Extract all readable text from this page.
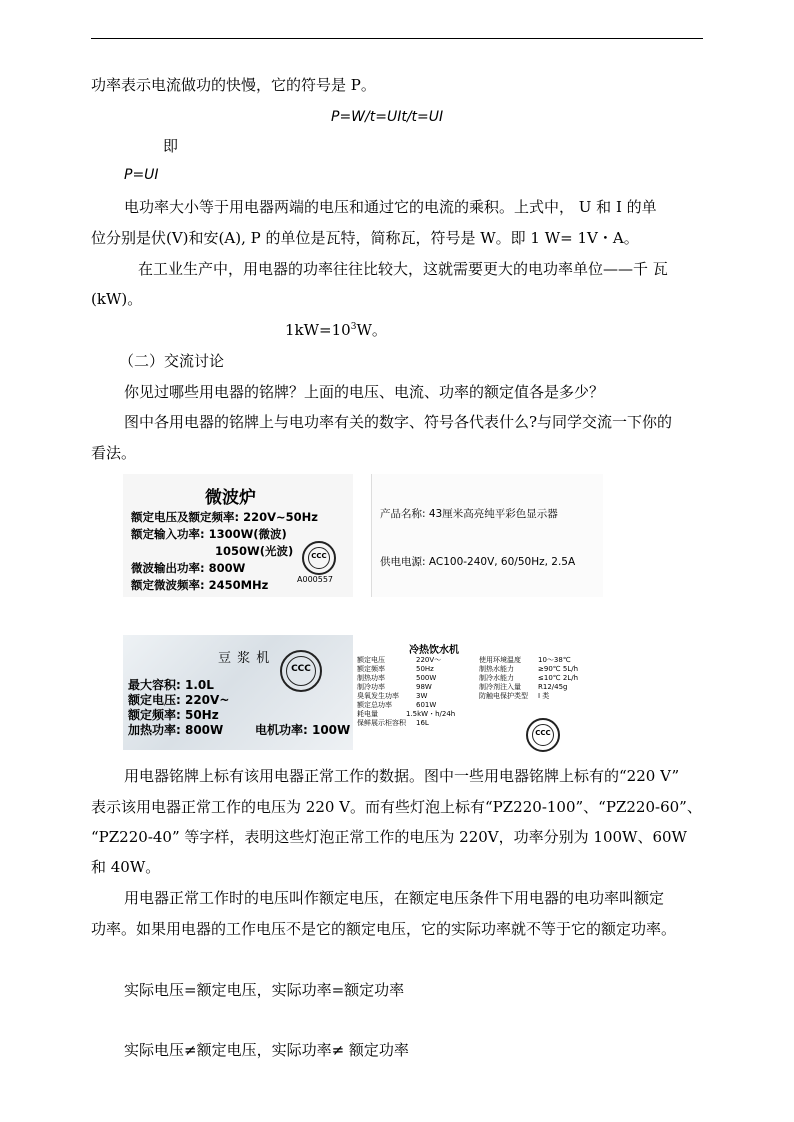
功率表示电流做功的快慢，它的符号是 P。
P=W/t=UIt/t=UI
即
P=UI
电功率大小等于用电器两端的电压和通过它的电流的乘积。上式中， U 和 I 的单
位分别是伏(V)和安(A), P 的单位是瓦特，简称瓦，符号是 W。即 1 W= 1V・A。
在工业生产中，用电器的功率往往比较大，这就需要更大的电功率单位——千 瓦
(kW)。
$1kW=10^3W$。
（二）交流讨论
你见过哪些用电器的铭牌？上面的电压、电流、功率的额定值各是多少？
图中各用电器的铭牌上与电功率有关的数字、符号各代表什么?与同学交流一下你的
看法。
微波炉
额定电压及额定频率: 220V~50Hz
额定输入功率: 1300W(微波)
1050W(光波)
微波输出功率: 800W
额定微波频率: 2450MHz
CCC
A000557
产品名称: 43厘米高亮纯平彩色显示器
供电电源: AC100-240V, 60/50Hz, 2.5A
豆 浆 机
CCC
最大容积: 1.0L
额定电压: 220V~
额定频率: 50Hz
加热功率: 800W	电机功率: 100W
冷热饮水机
额定电压
额定频率
制热功率
制冷功率
臭氧发生功率
额定总功率
耗电量
保鲜展示柜容积
220V～
50Hz
500W
98W
3W
601W
1.5kW・h/24h
16L
使用环境温度
制热水能力
制冷水能力
制冷剂注入量
防触电保护类型
10～38℃
≥90℃ 5L/h
≤10℃ 2L/h
R12/45g
I 类
CCC
用电器铭牌上标有该用电器正常工作的数据。图中一些用电器铭牌上标有的“220 V”
表示该用电器正常工作的电压为 220 V。而有些灯泡上标有“PZ220-100”、“PZ220-60”、
“PZ220-40” 等字样，表明这些灯泡正常工作的电压为 220V，功率分别为 100W、60W
和 40W。
用电器正常工作时的电压叫作额定电压，在额定电压条件下用电器的电功率叫额定
功率。如果用电器的工作电压不是它的额定电压，它的实际功率就不等于它的额定功率。
实际电压=额定电压，实际功率=额定功率
实际电压≠额定电压，实际功率≠ 额定功率
